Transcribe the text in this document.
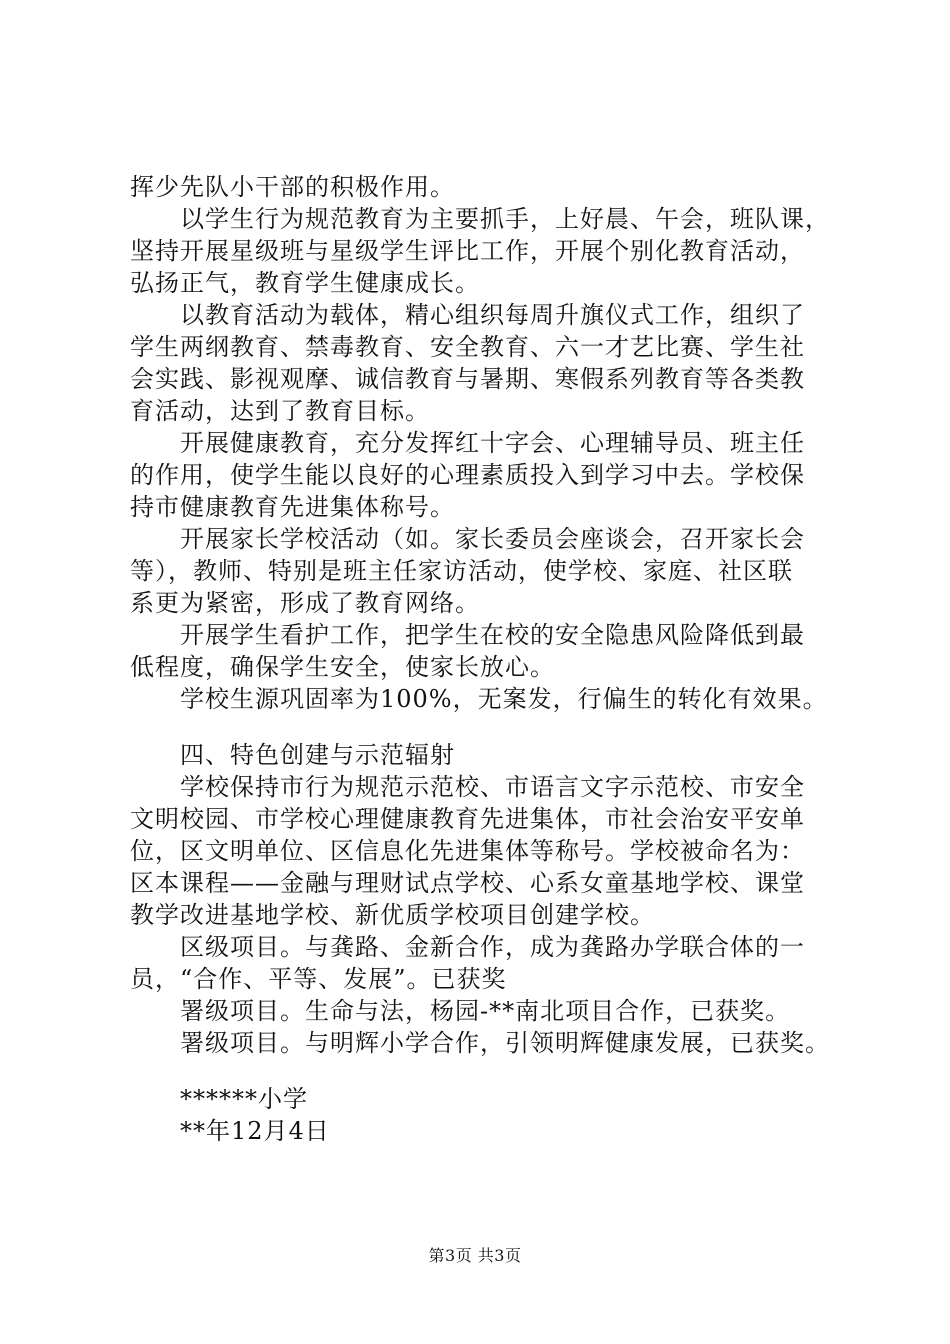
挥少先队小干部的积极作用。
以学生行为规范教育为主要抓手，上好晨、午会，班队课，
坚持开展星级班与星级学生评比工作，开展个别化教育活动，
弘扬正气，教育学生健康成长。
以教育活动为载体，精心组织每周升旗仪式工作，组织了
学生两纲教育、禁毒教育、安全教育、六一才艺比赛、学生社
会实践、影视观摩、诚信教育与暑期、寒假系列教育等各类教
育活动，达到了教育目标。
开展健康教育，充分发挥红十字会、心理辅导员、班主任
的作用，使学生能以良好的心理素质投入到学习中去。学校保
持市健康教育先进集体称号。
开展家长学校活动（如。家长委员会座谈会，召开家长会
等），教师、特别是班主任家访活动，使学校、家庭、社区联
系更为紧密，形成了教育网络。
开展学生看护工作，把学生在校的安全隐患风险降低到最
低程度，确保学生安全，使家长放心。
学校生源巩固率为100%，无案发，行偏生的转化有效果。
四、特色创建与示范辐射
学校保持市行为规范示范校、市语言文字示范校、市安全
文明校园、市学校心理健康教育先进集体，市社会治安平安单
位，区文明单位、区信息化先进集体等称号。学校被命名为：
区本课程——金融与理财试点学校、心系女童基地学校、课堂
教学改进基地学校、新优质学校项目创建学校。
区级项目。与龚路、金新合作，成为龚路办学联合体的一
员，“合作、平等、发展”。已获奖
署级项目。生命与法，杨园-**南北项目合作，已获奖。
署级项目。与明辉小学合作，引领明辉健康发展，已获奖。
******小学
**年12月4日
第3页 共3页
